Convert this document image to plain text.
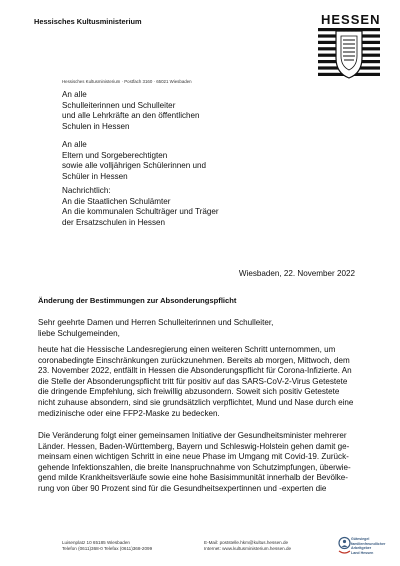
Hessisches Kultusministerium	HESSEN
Hessisches Kultusministerium · Postfach 3160 · 65021 Wiesbaden
An alle
Schulleiterinnen und Schulleiter
und alle Lehrkräfte an den öffentlichen
Schulen in Hessen
An alle
Eltern und Sorgeberechtigten
sowie alle volljährigen Schülerinnen und
Schüler in Hessen
Nachrichtlich:
An die Staatlichen Schulämter
An die kommunalen Schulträger und Träger
der Ersatzschulen in Hessen
Wiesbaden, 22. November 2022
Änderung der Bestimmungen zur Absonderungspflicht
Sehr geehrte Damen und Herren Schulleiterinnen und Schulleiter,
liebe Schulgemeinden,
heute hat die Hessische Landesregierung einen weiteren Schritt unternommen, um
coronabedingte Einschränkungen zurückzunehmen. Bereits ab morgen, Mittwoch, dem
23. November 2022, entfällt in Hessen die Absonderungspflicht für Corona-Infizierte. An
die Stelle der Absonderungspflicht tritt für positiv auf das SARS-CoV-2-Virus Getestete
die dringende Empfehlung, sich freiwillig abzusondern. Soweit sich positiv Getestete
nicht zuhause absondern, sind sie grundsätzlich verpflichtet, Mund und Nase durch eine
medizinische oder eine FFP2-Maske zu bedecken.
Die Veränderung folgt einer gemeinsamen Initiative der Gesundheitsminister mehrerer
Länder. Hessen, Baden-Württemberg, Bayern und Schleswig-Holstein gehen damit ge-
meinsam einen wichtigen Schritt in eine neue Phase im Umgang mit Covid-19. Zurück-
gehende Infektionszahlen, die breite Inanspruchnahme von Schutzimpfungen, überwie-
gend milde Krankheitsverläufe sowie eine hohe Basisimmunität innerhalb der Bevölke-
rung von über 90 Prozent sind für die Gesundheitsexpertinnen und -experten die
Luisenplatz 10 65185 Wiesbaden
Telefon (0611)368-0 Telefax (0611)368-2099
E-Mail: poststelle.hkm@kultus.hessen.de
Internet: www.kultusministerium.hessen.de
Gütesiegel
familienfreundlicher
Arbeitgeber
Land Hessen
